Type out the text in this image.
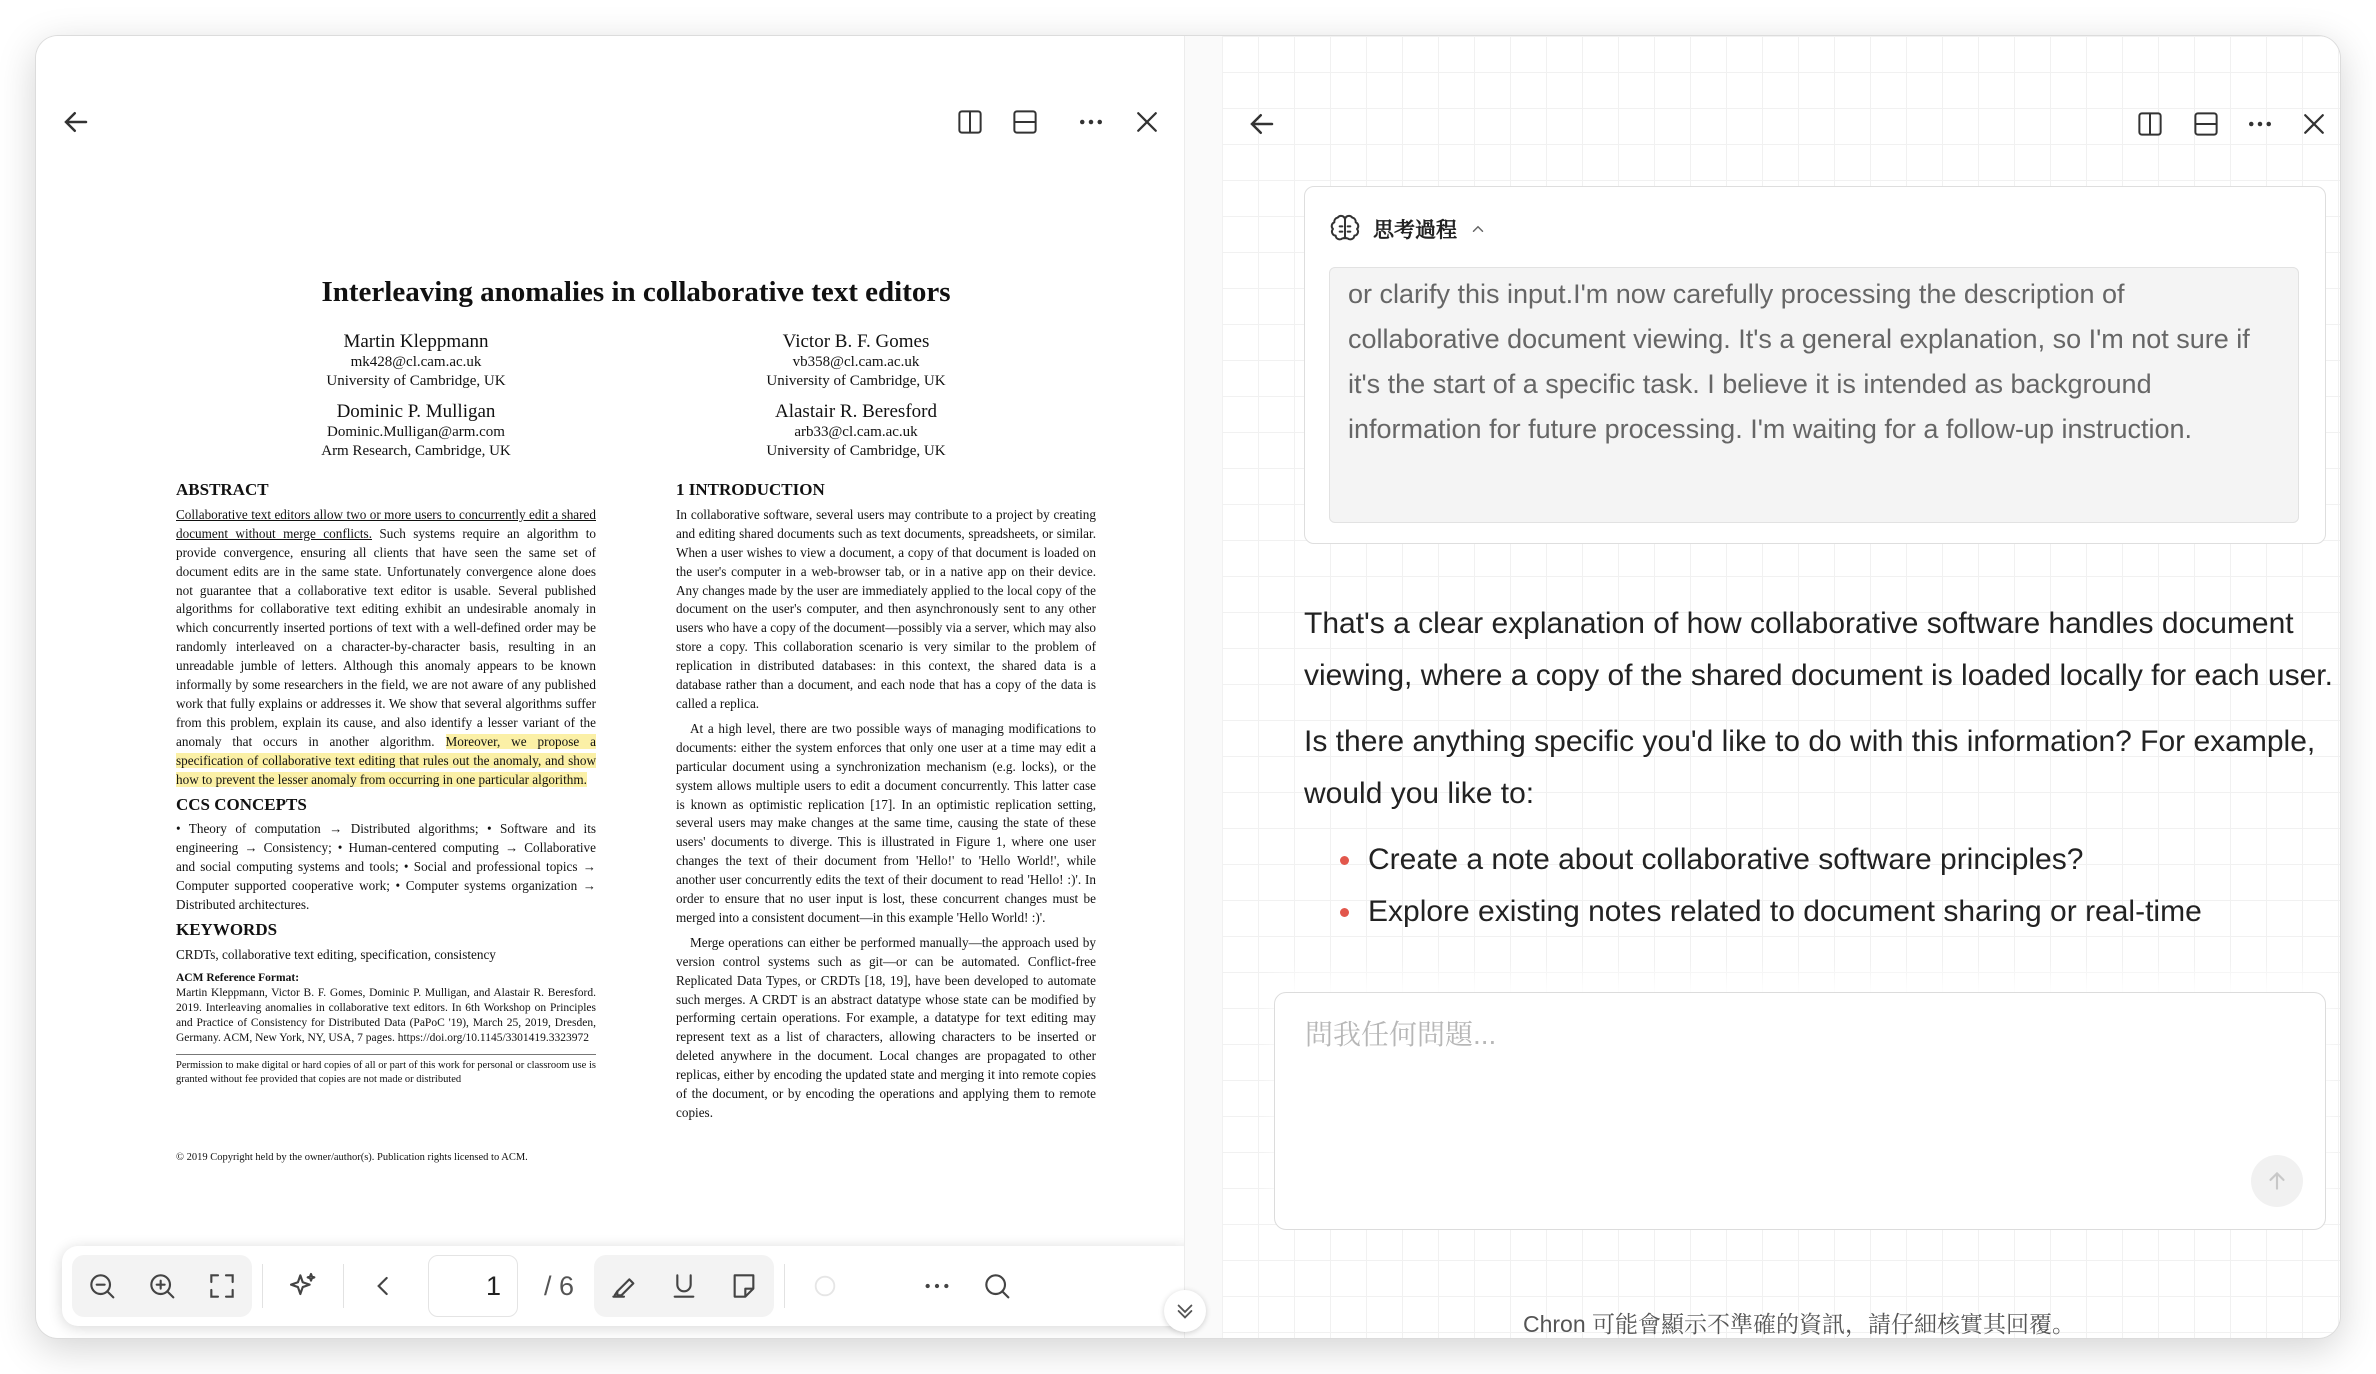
Interleaving anomalies in collaborative text editors
Martin Kleppmann
mk428@cl.cam.ac.uk
University of Cambridge, UK
Victor B. F. Gomes
vb358@cl.cam.ac.uk
University of Cambridge, UK
Dominic P. Mulligan
Dominic.Mulligan@arm.com
Arm Research, Cambridge, UK
Alastair R. Beresford
arb33@cl.cam.ac.uk
University of Cambridge, UK
ABSTRACT

Collaborative text editors allow two or more users to concurrently edit a shared document without merge conflicts. Such systems require an algorithm to provide convergence, ensuring all clients that have seen the same set of document edits are in the same state. Unfortunately convergence alone does not guarantee that a collaborative text editor is usable. Several published algorithms for collaborative text editing exhibit an undesirable anomaly in which concurrently inserted portions of text with a well-defined order may be randomly interleaved on a character-by-character basis, resulting in an unreadable jumble of letters. Although this anomaly appears to be known informally by some researchers in the field, we are not aware of any published work that fully explains or addresses it. We show that several algorithms suffer from this problem, explain its cause, and also identify a lesser variant of the anomaly that occurs in another algorithm. Moreover, we propose a specification of collaborative text editing that rules out the anomaly, and show how to prevent the lesser anomaly from occurring in one particular algorithm.

CCS CONCEPTS

• Theory of computation → Distributed algorithms; • Software and its engineering → Consistency; • Human-centered computing → Collaborative and social computing systems and tools; • Social and professional topics → Computer supported cooperative work; • Computer systems organization → Distributed architectures.

KEYWORDS

CRDTs, collaborative text editing, specification, consistency

ACM Reference Format:
Martin Kleppmann, Victor B. F. Gomes, Dominic P. Mulligan, and Alastair R. Beresford. 2019. Interleaving anomalies in collaborative text editors. In 6th Workshop on Principles and Practice of Consistency for Distributed Data (PaPoC '19), March 25, 2019, Dresden, Germany. ACM, New York, NY, USA, 7 pages. https://doi.org/10.1145/3301419.3323972
Permission to make digital or hard copies of all or part of this work for personal or classroom use is granted without fee provided that copies are not made or distributed
© 2019 Copyright held by the owner/author(s). Publication rights licensed to ACM.
1 INTRODUCTION

In collaborative software, several users may contribute to a project by creating and editing shared documents such as text documents, spreadsheets, or similar. When a user wishes to view a document, a copy of that document is loaded on the user's computer in a web-browser tab, or in a native app on their device. Any changes made by the user are immediately applied to the local copy of the document on the user's computer, and then asynchronously sent to any other users who have a copy of the document—possibly via a server, which may also store a copy. This collaboration scenario is very similar to the problem of replication in distributed databases: in this context, the shared data is a database rather than a document, and each node that has a copy of the data is called a replica.

At a high level, there are two possible ways of managing modifications to documents: either the system enforces that only one user at a time may edit a particular document using a synchronization mechanism (e.g. locks), or the system allows multiple users to edit a document concurrently. This latter case is known as optimistic replication [17]. In an optimistic replication setting, several users may make changes at the same time, causing the state of these users' documents to diverge. This is illustrated in Figure 1, where one user changes the text of their document from 'Hello!' to 'Hello World!', while another user concurrently edits the text of their document to read 'Hello! :)'. In order to ensure that no user input is lost, these concurrent changes must be merged into a consistent document—in this example 'Hello World! :)'.

Merge operations can either be performed manually—the approach used by version control systems such as git—or can be automated. Conflict-free Replicated Data Types, or CRDTs [18, 19], have been developed to automate such merges. A CRDT is an abstract datatype whose state can be modified by performing certain operations. For example, a datatype for text editing may represent text as a list of characters, allowing characters to be inserted or deleted anywhere in the document. Local changes are propagated to other replicas, either by encoding the updated state and merging it into remote copies of the document, or by encoding the operations and applying them to remote copies.

1	/ 6
思考過程

or clarify this input.I'm now carefully processing the description of collaborative document viewing. It's a general explanation, so I'm not sure if it's the start of a specific task. I believe it is intended as background information for future processing. I'm waiting for a follow-up instruction.

That's a clear explanation of how collaborative software handles document viewing, where a copy of the shared document is loaded locally for each user.

Is there anything specific you'd like to do with this information? For example, would you like to:

Create a note about collaborative software principles?
Explore existing notes related to document sharing or real-time
問我任何問題...
Chron 可能會顯示不準確的資訊，請仔細核實其回覆。
